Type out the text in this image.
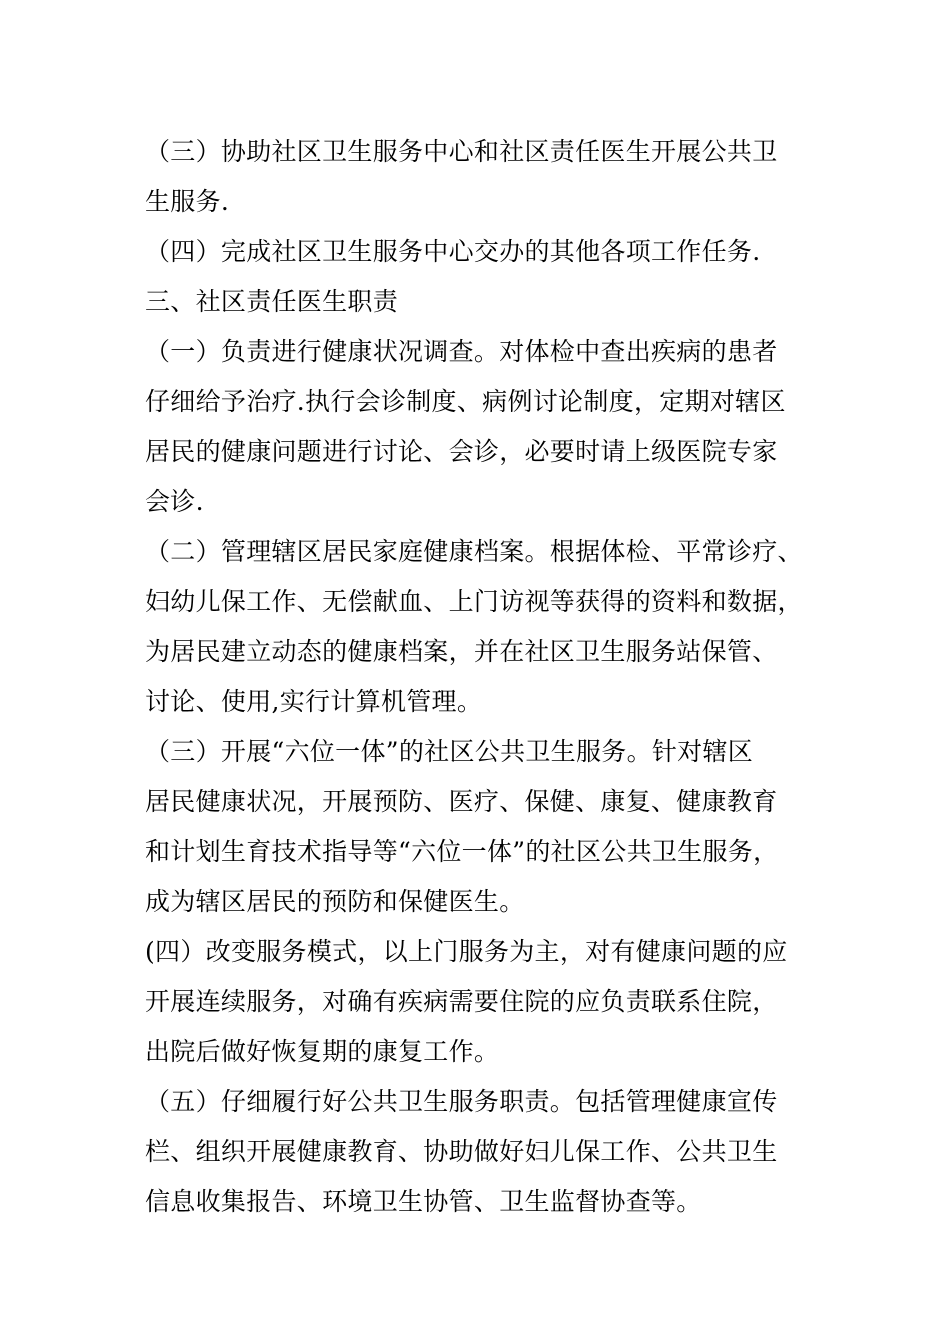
（三）协助社区卫生服务中心和社区责任医生开展公共卫
生服务.
（四）完成社区卫生服务中心交办的其他各项工作任务.
三、社区责任医生职责
（一）负责进行健康状况调查。对体检中查出疾病的患者
仔细给予治疗.执行会诊制度、病例讨论制度，定期对辖区
居民的健康问题进行讨论、会诊，必要时请上级医院专家
会诊.
（二）管理辖区居民家庭健康档案。根据体检、平常诊疗、
妇幼儿保工作、无偿献血、上门访视等获得的资料和数据，
为居民建立动态的健康档案，并在社区卫生服务站保管、
讨论、使用,实行计算机管理。
（三）开展“六位一体”的社区公共卫生服务。针对辖区
居民健康状况，开展预防、医疗、保健、康复、健康教育
和计划生育技术指导等“六位一体”的社区公共卫生服务，
成为辖区居民的预防和保健医生。
(四）改变服务模式，以上门服务为主，对有健康问题的应
开展连续服务，对确有疾病需要住院的应负责联系住院，
出院后做好恢复期的康复工作。
（五）仔细履行好公共卫生服务职责。包括管理健康宣传
栏、组织开展健康教育、协助做好妇儿保工作、公共卫生
信息收集报告、环境卫生协管、卫生监督协查等。
